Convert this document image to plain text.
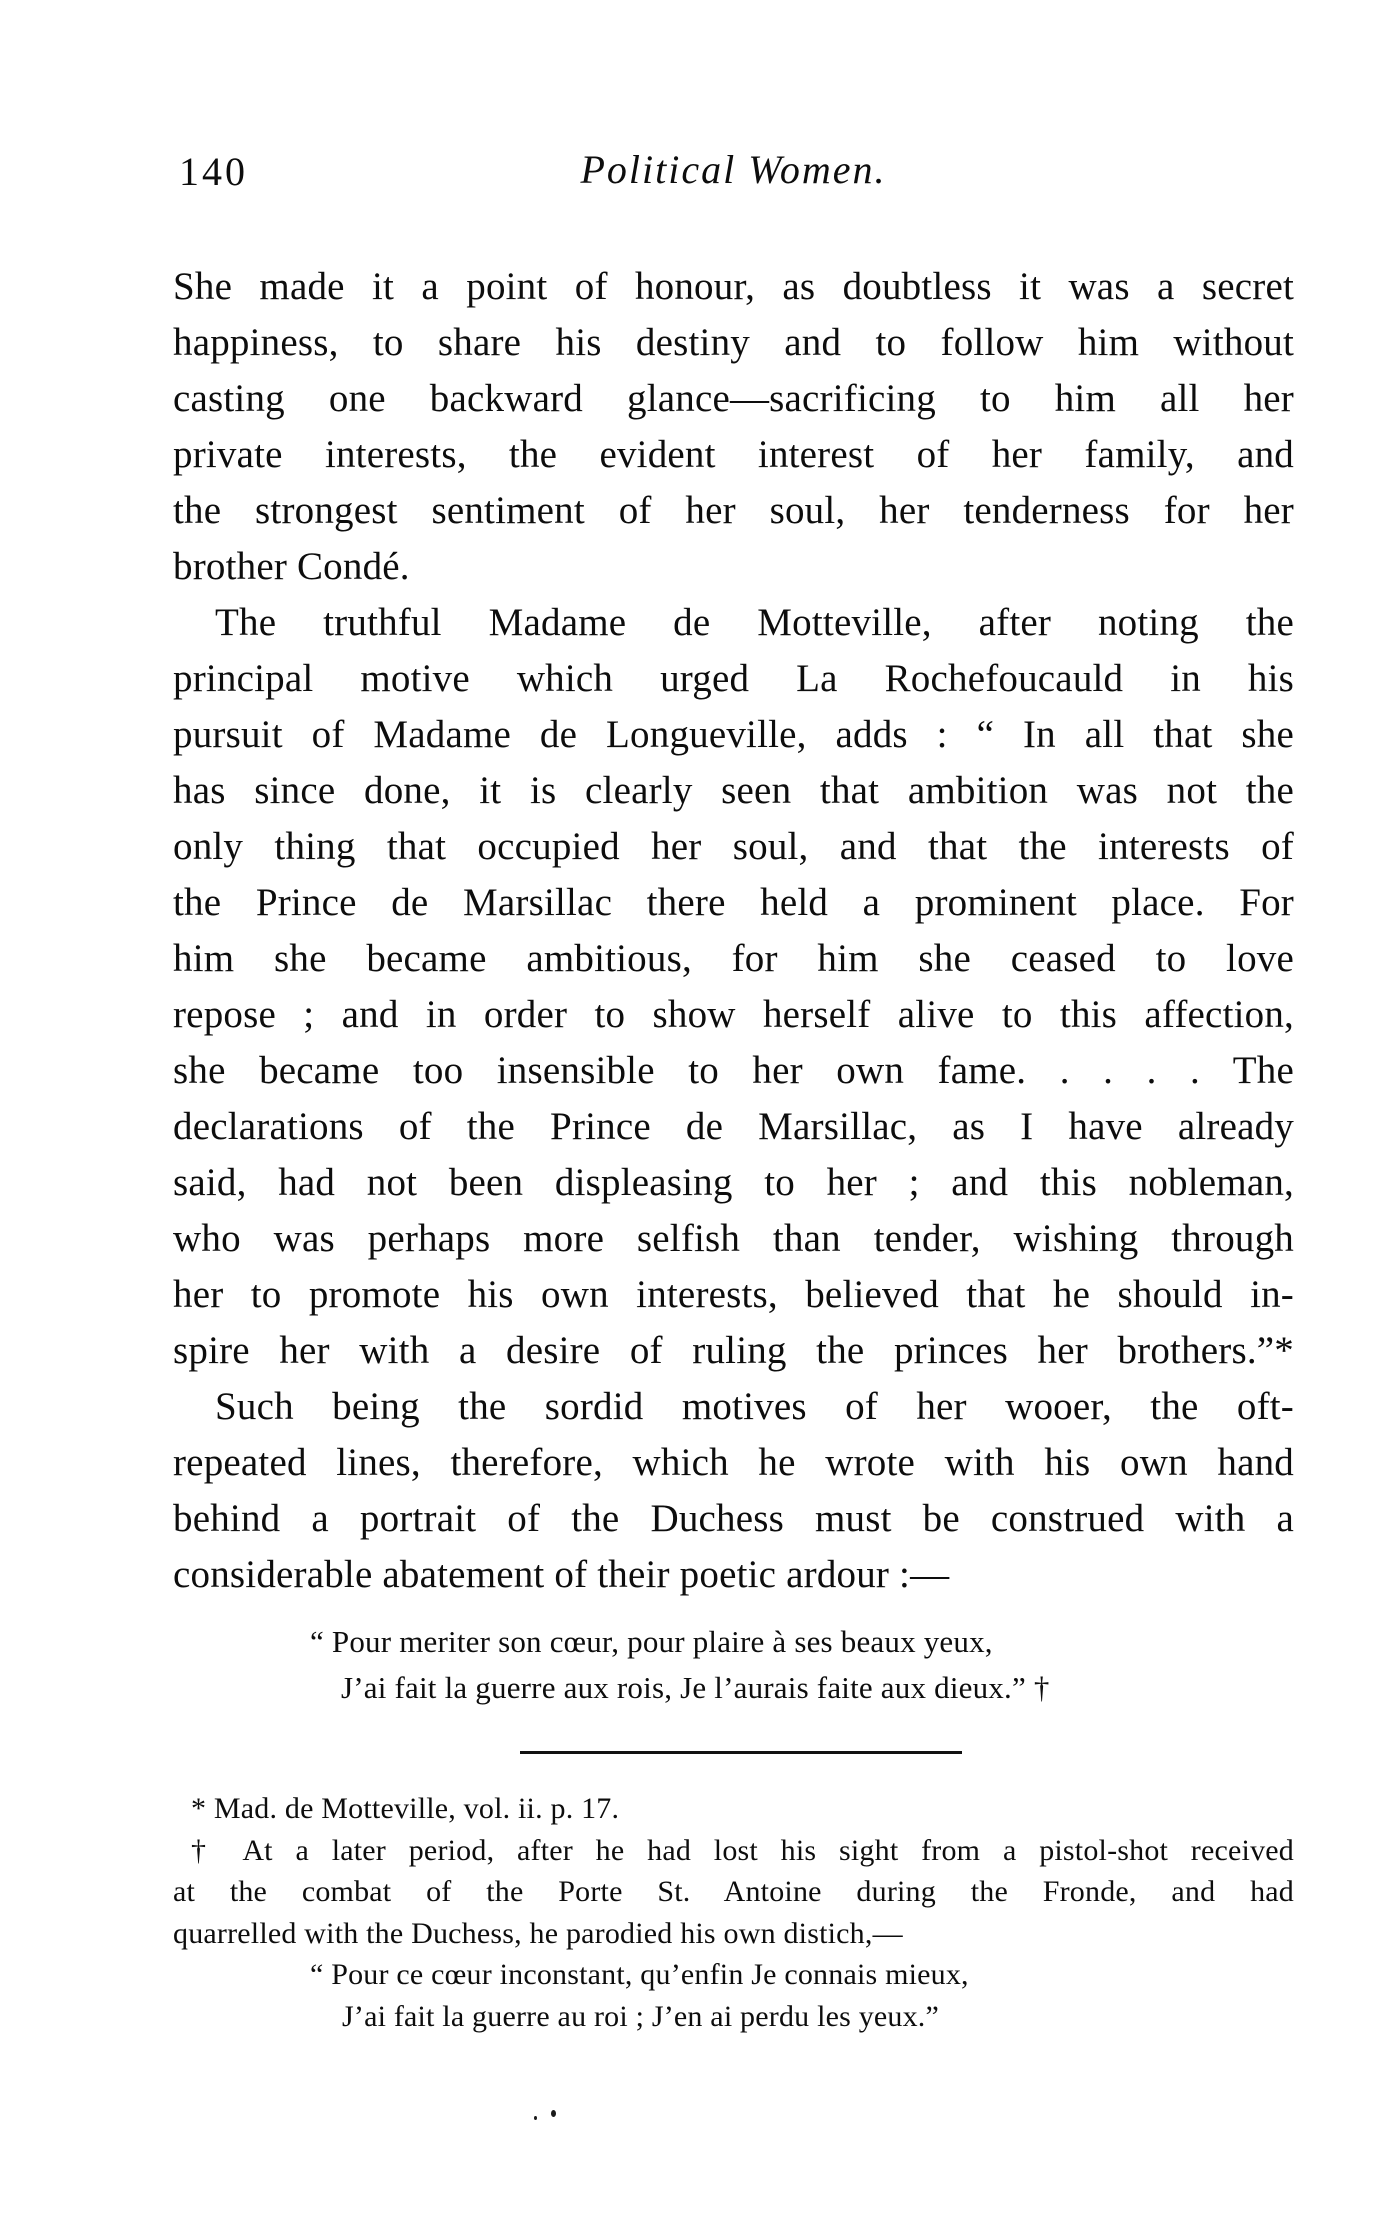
140	Political Women.
She made it a point of honour, as doubtless it was a secret
happiness, to share his destiny and to follow him without
casting one backward glance—sacrificing to him all her
private interests, the evident interest of her family, and
the strongest sentiment of her soul, her tenderness for her
brother Condé.
The truthful Madame de Motteville, after noting the
principal motive which urged La Rochefoucauld in his
pursuit of Madame de Longueville, adds : “ In all that she
has since done, it is clearly seen that ambition was not the
only thing that occupied her soul, and that the interests of
the Prince de Marsillac there held a prominent place. For
him she became ambitious, for him she ceased to love
repose ; and in order to show herself alive to this affection,
she became too insensible to her own fame. . . . . The
declarations of the Prince de Marsillac, as I have already
said, had not been displeasing to her ; and this nobleman,
who was perhaps more selfish than tender, wishing through
her to promote his own interests, believed that he should in-
spire her with a desire of ruling the princes her brothers.”*
Such being the sordid motives of her wooer, the oft-
repeated lines, therefore, which he wrote with his own hand
behind a portrait of the Duchess must be construed with a
considerable abatement of their poetic ardour :—
“ Pour meriter son cœur, pour plaire à ses beaux yeux,
J’ai fait la guerre aux rois, Je l’aurais faite aux dieux.” †
* Mad. de Motteville, vol. ii. p. 17.
† At a later period, after he had lost his sight from a pistol-shot received
at the combat of the Porte St. Antoine during the Fronde, and had
quarrelled with the Duchess, he parodied his own distich,—
“ Pour ce cœur inconstant, qu’enfin Je connais mieux,
J’ai fait la guerre au roi ; J’en ai perdu les yeux.”
